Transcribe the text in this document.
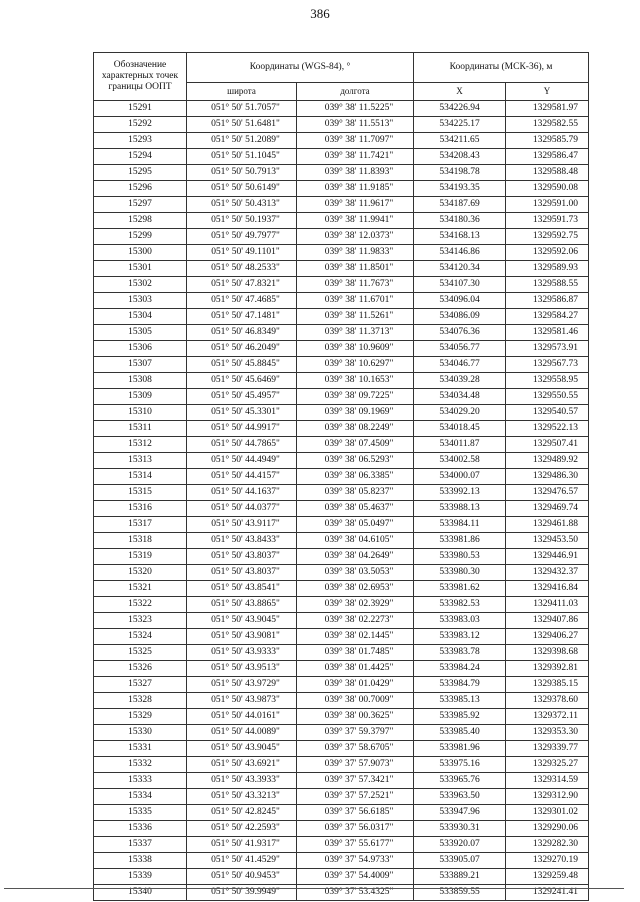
386
Обозначение характерных точек границы ООПТ	Координаты (WGS-84), °		Координаты (МСК-36), м	
	широта	долгота	X	Y
15291	051° 50' 51.7057"	039° 38' 11.5225"	534226.94	1329581.97
15292	051° 50' 51.6481"	039° 38' 11.5513"	534225.17	1329582.55
15293	051° 50' 51.2089"	039° 38' 11.7097"	534211.65	1329585.79
15294	051° 50' 51.1045"	039° 38' 11.7421"	534208.43	1329586.47
15295	051° 50' 50.7913"	039° 38' 11.8393"	534198.78	1329588.48
15296	051° 50' 50.6149"	039° 38' 11.9185"	534193.35	1329590.08
15297	051° 50' 50.4313"	039° 38' 11.9617"	534187.69	1329591.00
15298	051° 50' 50.1937"	039° 38' 11.9941"	534180.36	1329591.73
15299	051° 50' 49.7977"	039° 38' 12.0373"	534168.13	1329592.75
15300	051° 50' 49.1101"	039° 38' 11.9833"	534146.86	1329592.06
15301	051° 50' 48.2533"	039° 38' 11.8501"	534120.34	1329589.93
15302	051° 50' 47.8321"	039° 38' 11.7673"	534107.30	1329588.55
15303	051° 50' 47.4685"	039° 38' 11.6701"	534096.04	1329586.87
15304	051° 50' 47.1481"	039° 38' 11.5261"	534086.09	1329584.27
15305	051° 50' 46.8349"	039° 38' 11.3713"	534076.36	1329581.46
15306	051° 50' 46.2049"	039° 38' 10.9609"	534056.77	1329573.91
15307	051° 50' 45.8845"	039° 38' 10.6297"	534046.77	1329567.73
15308	051° 50' 45.6469"	039° 38' 10.1653"	534039.28	1329558.95
15309	051° 50' 45.4957"	039° 38' 09.7225"	534034.48	1329550.55
15310	051° 50' 45.3301"	039° 38' 09.1969"	534029.20	1329540.57
15311	051° 50' 44.9917"	039° 38' 08.2249"	534018.45	1329522.13
15312	051° 50' 44.7865"	039° 38' 07.4509"	534011.87	1329507.41
15313	051° 50' 44.4949"	039° 38' 06.5293"	534002.58	1329489.92
15314	051° 50' 44.4157"	039° 38' 06.3385"	534000.07	1329486.30
15315	051° 50' 44.1637"	039° 38' 05.8237"	533992.13	1329476.57
15316	051° 50' 44.0377"	039° 38' 05.4637"	533988.13	1329469.74
15317	051° 50' 43.9117"	039° 38' 05.0497"	533984.11	1329461.88
15318	051° 50' 43.8433"	039° 38' 04.6105"	533981.86	1329453.50
15319	051° 50' 43.8037"	039° 38' 04.2649"	533980.53	1329446.91
15320	051° 50' 43.8037"	039° 38' 03.5053"	533980.30	1329432.37
15321	051° 50' 43.8541"	039° 38' 02.6953"	533981.62	1329416.84
15322	051° 50' 43.8865"	039° 38' 02.3929"	533982.53	1329411.03
15323	051° 50' 43.9045"	039° 38' 02.2273"	533983.03	1329407.86
15324	051° 50' 43.9081"	039° 38' 02.1445"	533983.12	1329406.27
15325	051° 50' 43.9333"	039° 38' 01.7485"	533983.78	1329398.68
15326	051° 50' 43.9513"	039° 38' 01.4425"	533984.24	1329392.81
15327	051° 50' 43.9729"	039° 38' 01.0429"	533984.79	1329385.15
15328	051° 50' 43.9873"	039° 38' 00.7009"	533985.13	1329378.60
15329	051° 50' 44.0161"	039° 38' 00.3625"	533985.92	1329372.11
15330	051° 50' 44.0089"	039° 37' 59.3797"	533985.40	1329353.30
15331	051° 50' 43.9045"	039° 37' 58.6705"	533981.96	1329339.77
15332	051° 50' 43.6921"	039° 37' 57.9073"	533975.16	1329325.27
15333	051° 50' 43.3933"	039° 37' 57.3421"	533965.76	1329314.59
15334	051° 50' 43.3213"	039° 37' 57.2521"	533963.50	1329312.90
15335	051° 50' 42.8245"	039° 37' 56.6185"	533947.96	1329301.02
15336	051° 50' 42.2593"	039° 37' 56.0317"	533930.31	1329290.06
15337	051° 50' 41.9317"	039° 37' 55.6177"	533920.07	1329282.30
15338	051° 50' 41.4529"	039° 37' 54.9733"	533905.07	1329270.19
15339	051° 50' 40.9453"	039° 37' 54.4009"	533889.21	1329259.48
15340	051° 50' 39.9949"	039° 37' 53.4325"	533859.55	1329241.41
